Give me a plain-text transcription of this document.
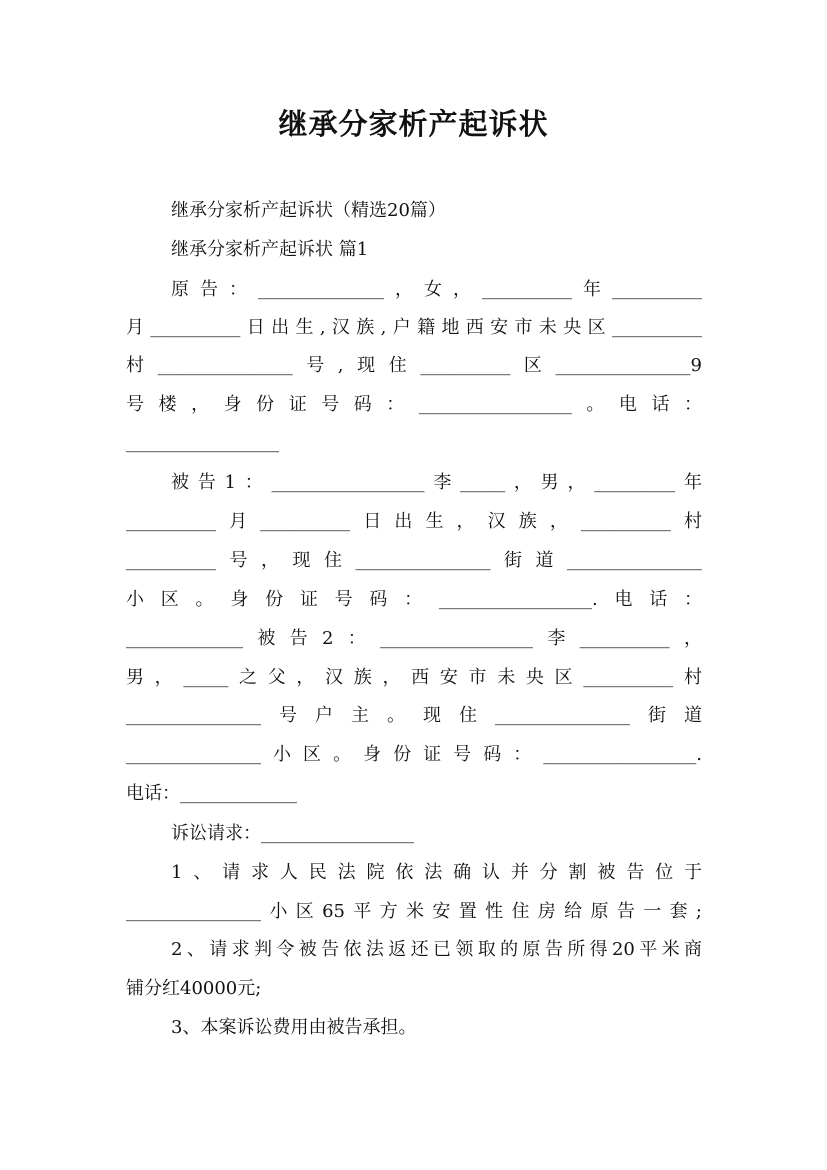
继承分家析产起诉状
继承分家析产起诉状（精选20篇）
继承分家析产起诉状 篇1
原告：______________，女，__________年__________
月__________日出生,汉族,户籍地西安市未央区__________
村_______________号,现住__________区_______________9
号楼，身份证号码：_________________。电话：
_________________
被告1：_________________李_____，男，_________年
__________月__________日出生，汉族，__________村
__________号，现住_______________街道_______________
小区。身份证号码：_________________.电话：
_____________被告2：_________________李__________，
男，_____之父，汉族，西安市未央区__________村
_______________号户主。现住_______________街道
_______________小区。身份证号码：_________________.
电话：_____________
诉讼请求：_________________
1、请求人民法院依法确认并分割被告位于
_______________小区65平方米安置性住房给原告一套;
2、请求判令被告依法返还已领取的原告所得20平米商
铺分红40000元;
3、本案诉讼费用由被告承担。
